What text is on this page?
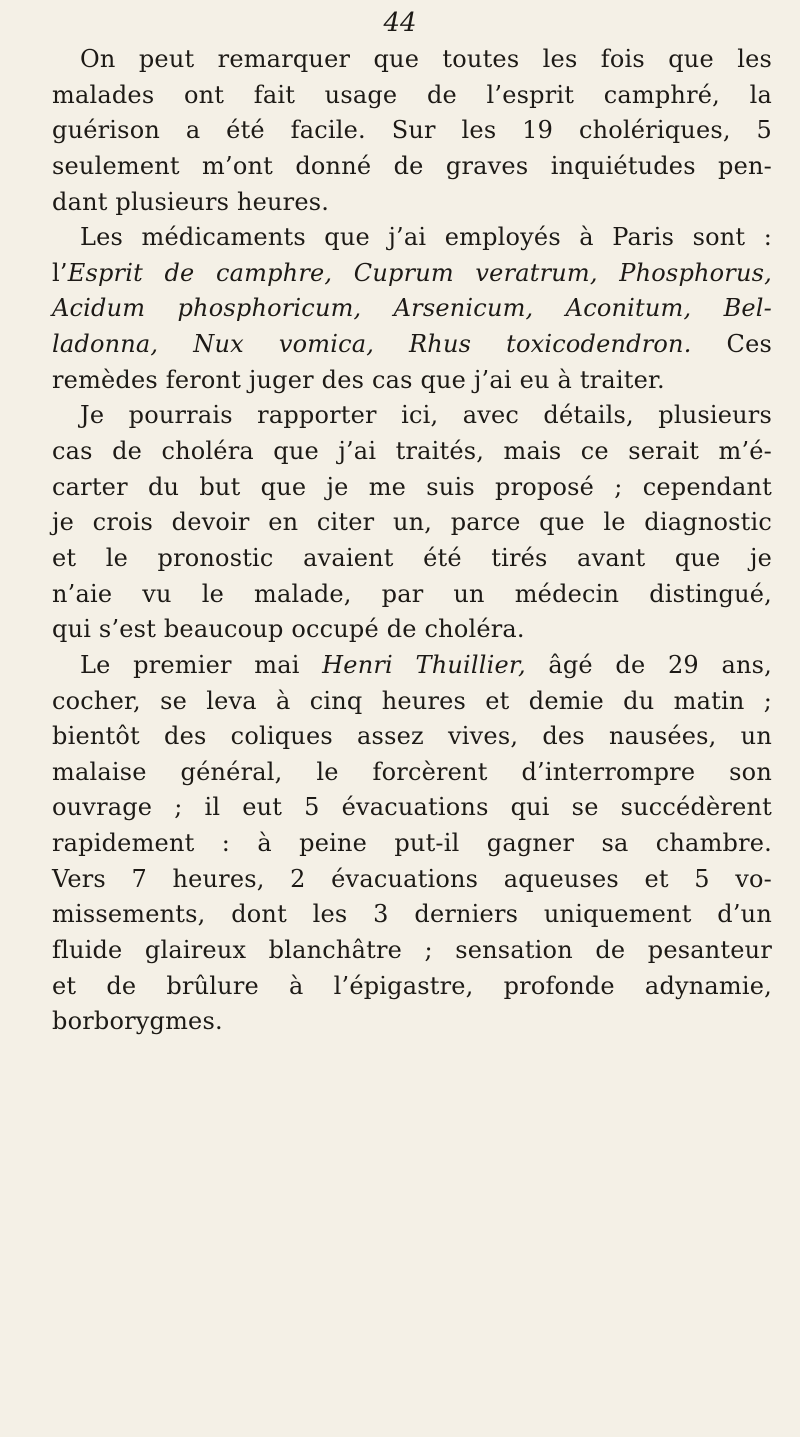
44
On peut remarquer que toutes les fois que les
malades ont fait usage de l’esprit camphré, la
guérison a été facile. Sur les 19 cholériques, 5
seulement m’ont donné de graves inquiétudes pen-
dant plusieurs heures.
Les médicaments que j’ai employés à Paris sont :
l’Esprit de camphre, Cuprum veratrum, Phosphorus,
Acidum phosphoricum, Arsenicum, Aconitum, Bel-
ladonna, Nux vomica, Rhus toxicodendron. Ces
remèdes feront juger des cas que j’ai eu à traiter.
Je pourrais rapporter ici, avec détails, plusieurs
cas de choléra que j’ai traités, mais ce serait m’é-
carter du but que je me suis proposé ; cependant
je crois devoir en citer un, parce que le diagnostic
et le pronostic avaient été tirés avant que je
n’aie vu le malade, par un médecin distingué,
qui s’est beaucoup occupé de choléra.
Le premier mai Henri Thuillier, âgé de 29 ans,
cocher, se leva à cinq heures et demie du matin ;
bientôt des coliques assez vives, des nausées, un
malaise général, le forcèrent d’interrompre son
ouvrage ; il eut 5 évacuations qui se succédèrent
rapidement : à peine put-il gagner sa chambre.
Vers 7 heures, 2 évacuations aqueuses et 5 vo-
missements, dont les 3 derniers uniquement d’un
fluide glaireux blanchâtre ; sensation de pesanteur
et de brûlure à l’épigastre, profonde adynamie,
borborygmes.
